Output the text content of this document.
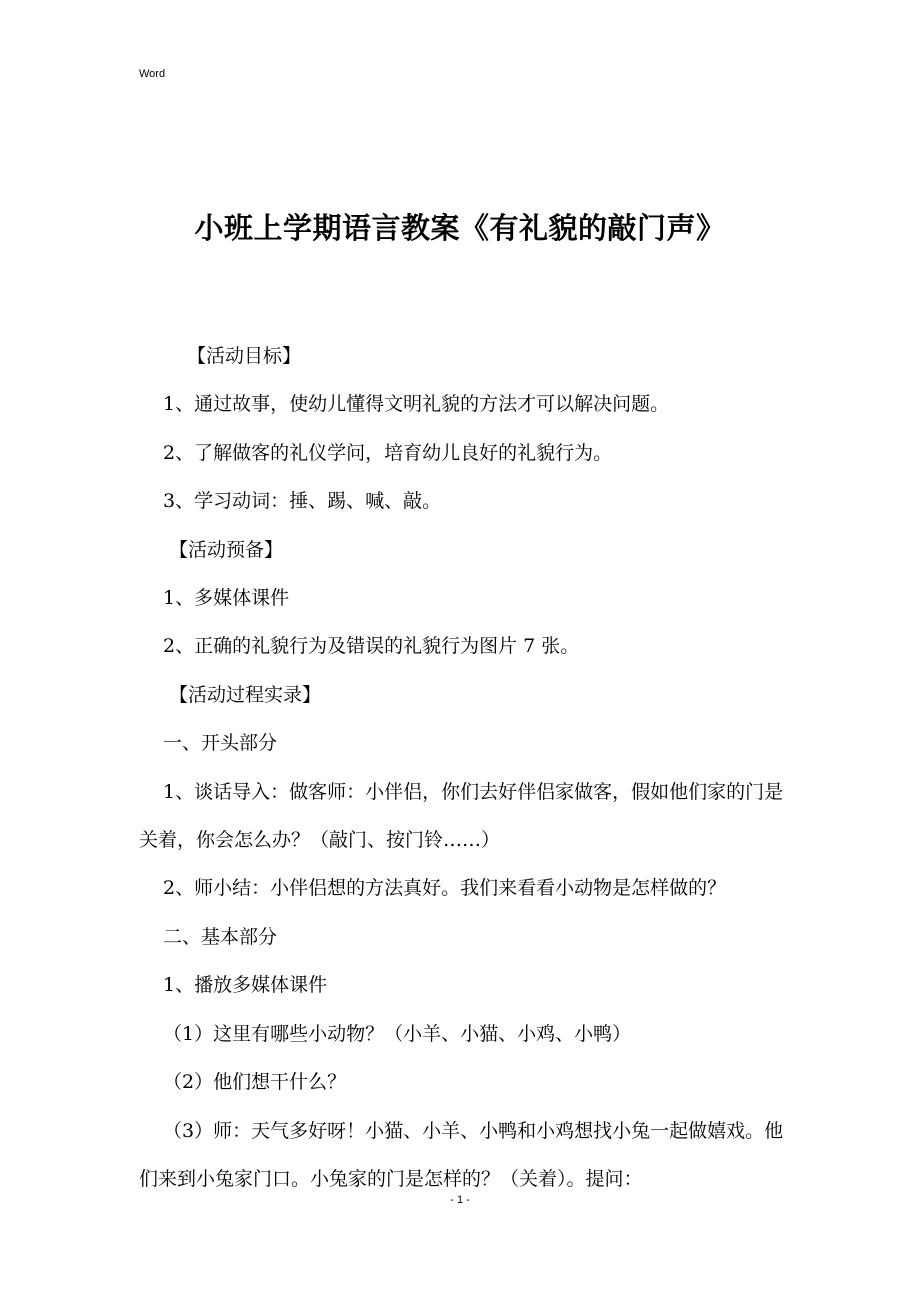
Word
小班上学期语言教案《有礼貌的敲门声》
【活动目标】
1、通过故事，使幼儿懂得文明礼貌的方法才可以解决问题。
2、了解做客的礼仪学问，培育幼儿良好的礼貌行为。
3、学习动词：捶、踢、喊、敲。
【活动预备】
1、多媒体课件
2、正确的礼貌行为及错误的礼貌行为图片 7 张。
【活动过程实录】
一、开头部分
1、谈话导入：做客师：小伴侣，你们去好伴侣家做客，假如他们家的门是关着，你会怎么办？（敲门、按门铃……）
2、师小结：小伴侣想的方法真好。我们来看看小动物是怎样做的？
二、基本部分
1、播放多媒体课件
（1）这里有哪些小动物？（小羊、小猫、小鸡、小鸭）
（2）他们想干什么？
（3）师：天气多好呀！小猫、小羊、小鸭和小鸡想找小兔一起做嬉戏。他们来到小兔家门口。小兔家的门是怎样的？（关着）。提问：
- 1 -
